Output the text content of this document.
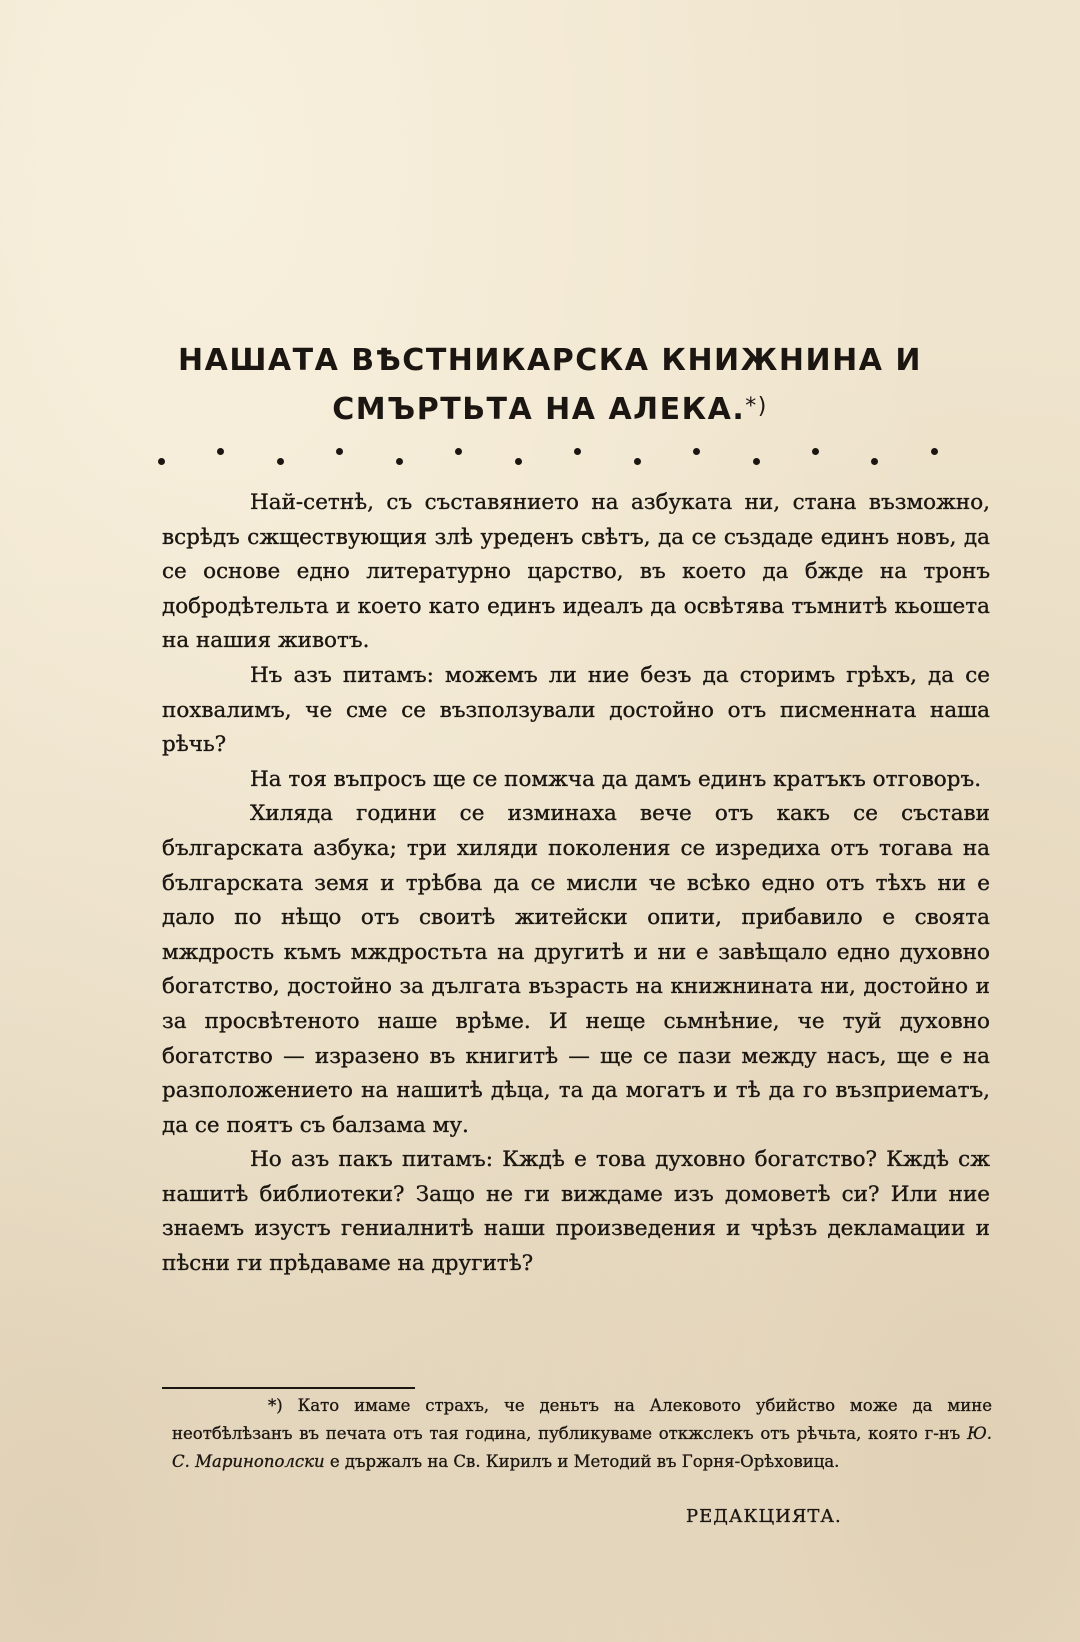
НАШАТА ВѢСТНИКАРСКА КНИЖНИНА И
СМЪРТЬТА НА АЛЕКА.*)

Най-сетнѣ, съ съставянието на азбуката ни, стана възможно, всрѣдъ сжществующия злѣ уреденъ свѣтъ, да се създаде единъ новъ, да се основе едно литературно царство, въ което да бжде на тронъ добродѣтельта и което като единъ идеалъ да освѣтява тъмнитѣ кьошета на нашия животъ.

Нъ азъ питамъ: можемъ ли ние безъ да сторимъ грѣхъ, да се похвалимъ, че сме се възползували достойно отъ писменната наша рѣчь?

На тоя въпросъ ще се помжча да дамъ единъ кратъкъ отговоръ.

Хиляда години се изминаха вече отъ какъ се състави българската азбука; три хиляди поколения се изредиха отъ тогава на българската земя и трѣбва да се мисли че всѣко едно отъ тѣхъ ни е дало по нѣщо отъ своитѣ житейски опити, прибавило е своята мждрость къмъ мждростьта на другитѣ и ни е завѣщало едно духовно богатство, достойно за дългата възрасть на книжнината ни, достойно и за просвѣтеното наше врѣме. И неще сьмнѣние, че туй духовно богатство — изразено въ книгитѣ — ще се пази между насъ, ще е на разположението на нашитѣ дѣца, та да могатъ и тѣ да го възприематъ, да се поятъ съ балзама му.

Но азъ пакъ питамъ: Кждѣ е това духовно богатство? Кждѣ сж нашитѣ библиотеки? Защо не ги виждаме изъ домоветѣ си? Или ние знаемъ изустъ гениалнитѣ наши произведения и чрѣзъ декламации и пѣсни ги прѣдаваме на другитѣ?

*) Като имаме страхъ, че деньтъ на Алековото убийство може да мине неотбѣлѣзанъ въ печата отъ тая година, публикуваме откжслекъ отъ рѣчьта, която г-нъ Ю. С. Маринополски е държалъ на Св. Кирилъ и Методий въ Горня-Орѣховица.
РЕДАКЦИЯТА.
